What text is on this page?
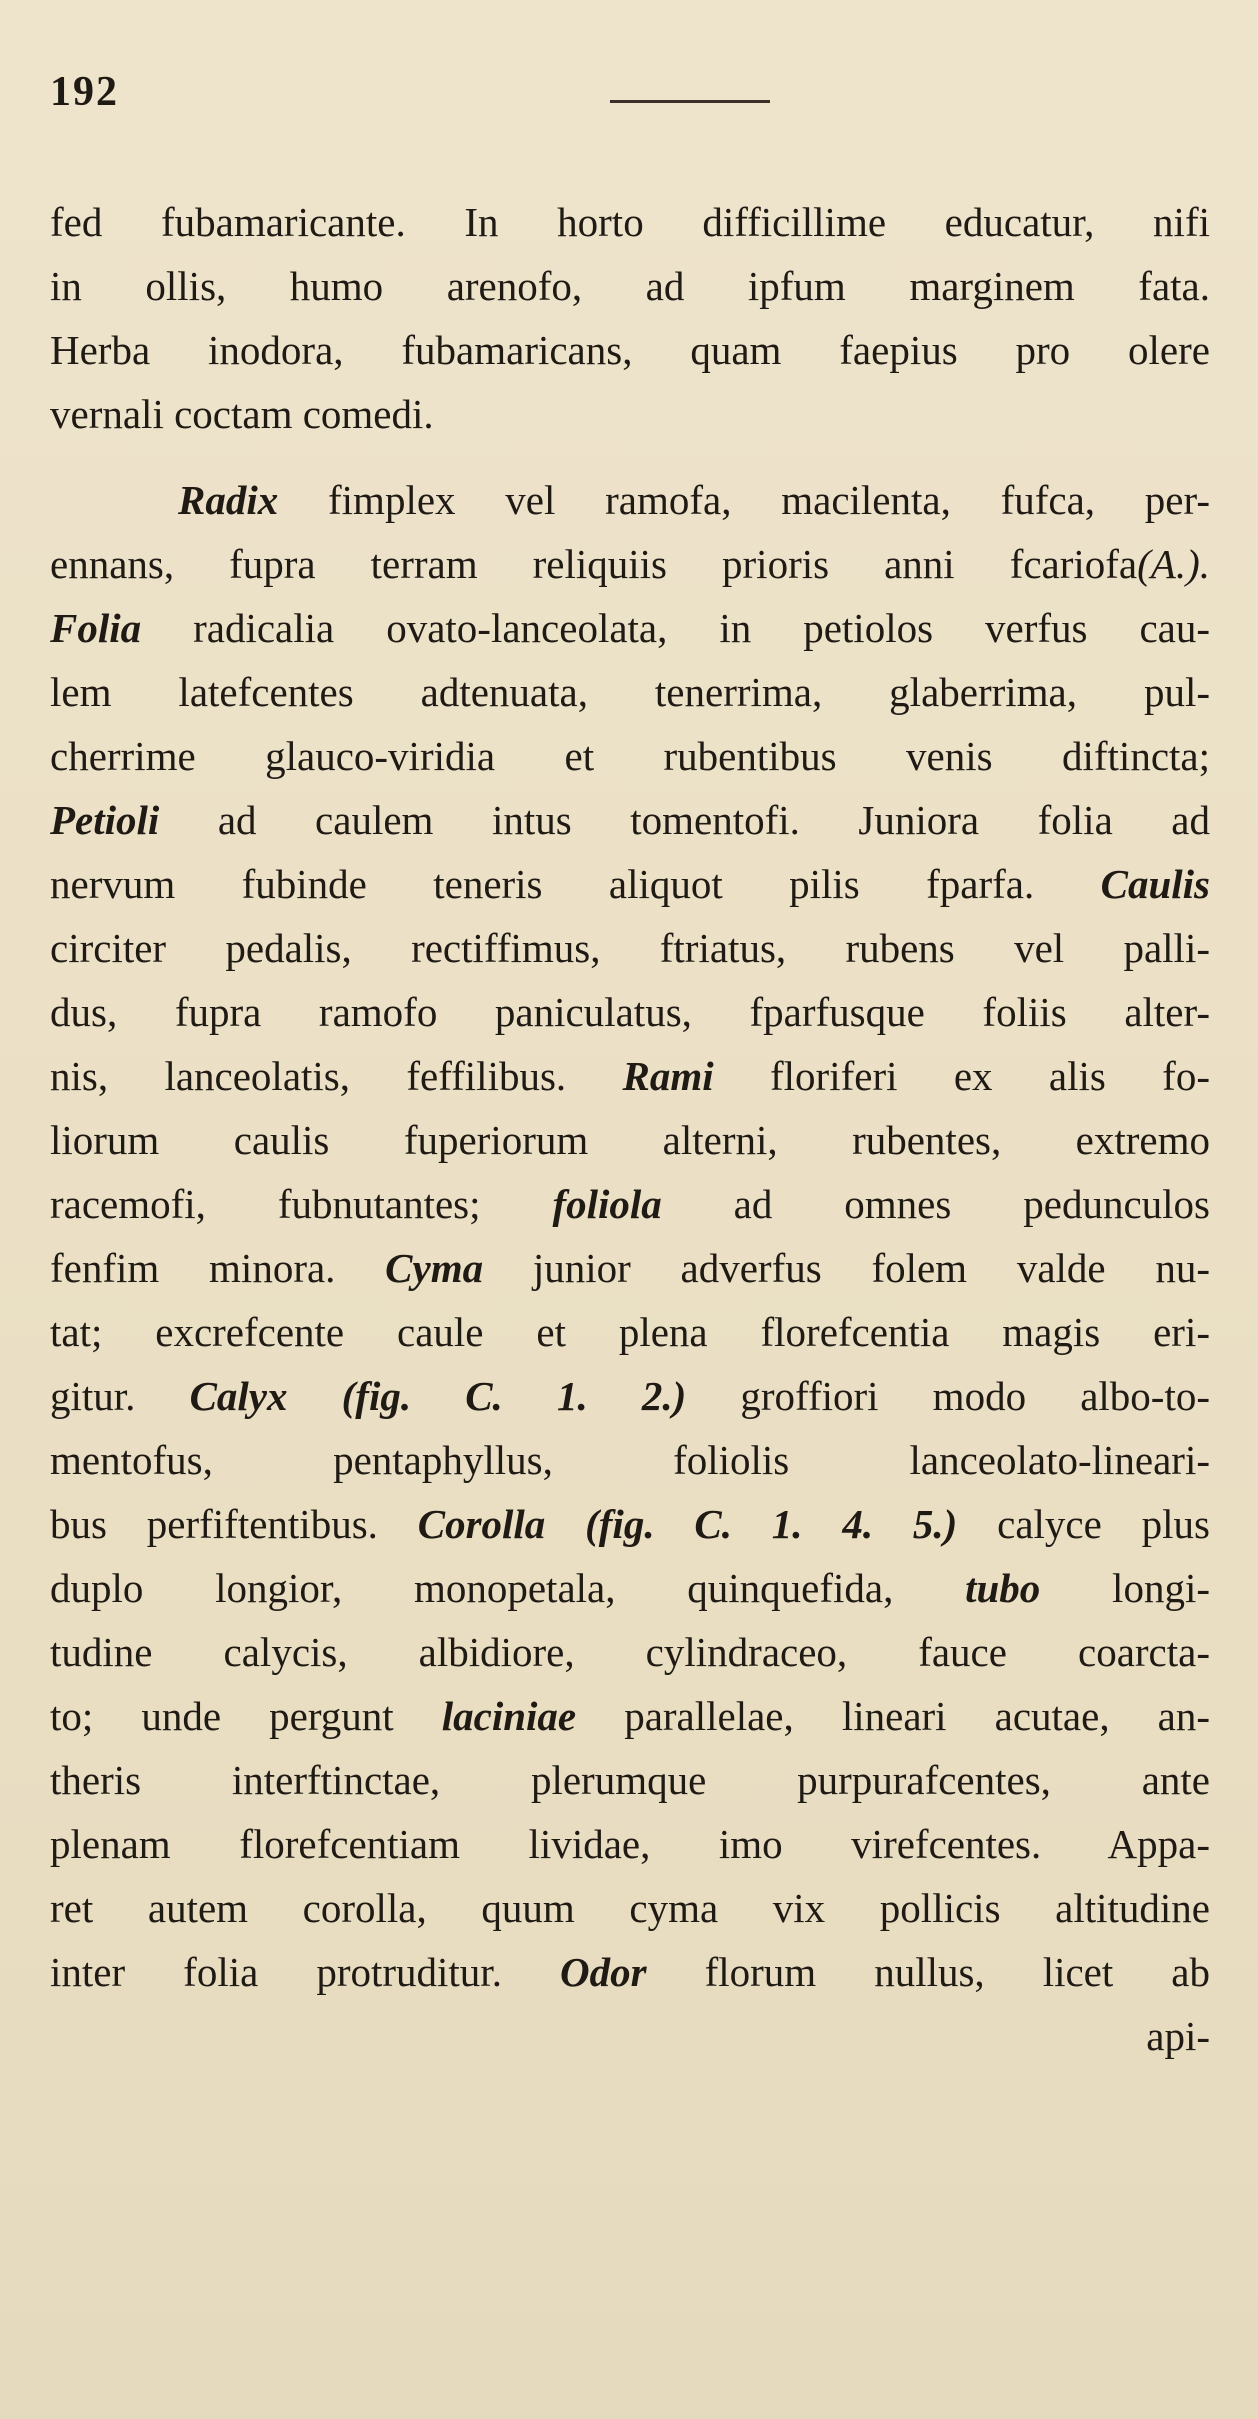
192
fed fubamaricante. In horto difficillime educatur, nifi
in ollis, humo arenofo, ad ipfum marginem fata.
Herba inodora, fubamaricans, quam faepius pro olere
vernali coctam comedi.
Radix fimplex vel ramofa, macilenta, fufca, per-
ennans, fupra terram reliquiis prioris anni fcariofa(A.).
Folia radicalia ovato-lanceolata, in petiolos verfus cau-
lem latefcentes adtenuata, tenerrima, glaberrima, pul-
cherrime glauco-viridia et rubentibus venis diftincta;
Petioli ad caulem intus tomentofi. Juniora folia ad
nervum fubinde teneris aliquot pilis fparfa. Caulis
circiter pedalis, rectiffimus, ftriatus, rubens vel palli-
dus, fupra ramofo paniculatus, fparfusque foliis alter-
nis, lanceolatis, feffilibus. Rami floriferi ex alis fo-
liorum caulis fuperiorum alterni, rubentes, extremo
racemofi, fubnutantes; foliola ad omnes pedunculos
fenfim minora. Cyma junior adverfus folem valde nu-
tat; excrefcente caule et plena florefcentia magis eri-
gitur. Calyx (fig. C. 1. 2.) groffiori modo albo-to-
mentofus, pentaphyllus, foliolis lanceolato-lineari-
bus perfiftentibus. Corolla (fig. C. 1. 4. 5.) calyce plus
duplo longior, monopetala, quinquefida, tubo longi-
tudine calycis, albidiore, cylindraceo, fauce coarcta-
to; unde pergunt laciniae parallelae, lineari acutae, an-
theris interftinctae, plerumque purpurafcentes, ante
plenam florefcentiam lividae, imo virefcentes. Appa-
ret autem corolla, quum cyma vix pollicis altitudine
inter folia protruditur. Odor florum nullus, licet ab
api-
